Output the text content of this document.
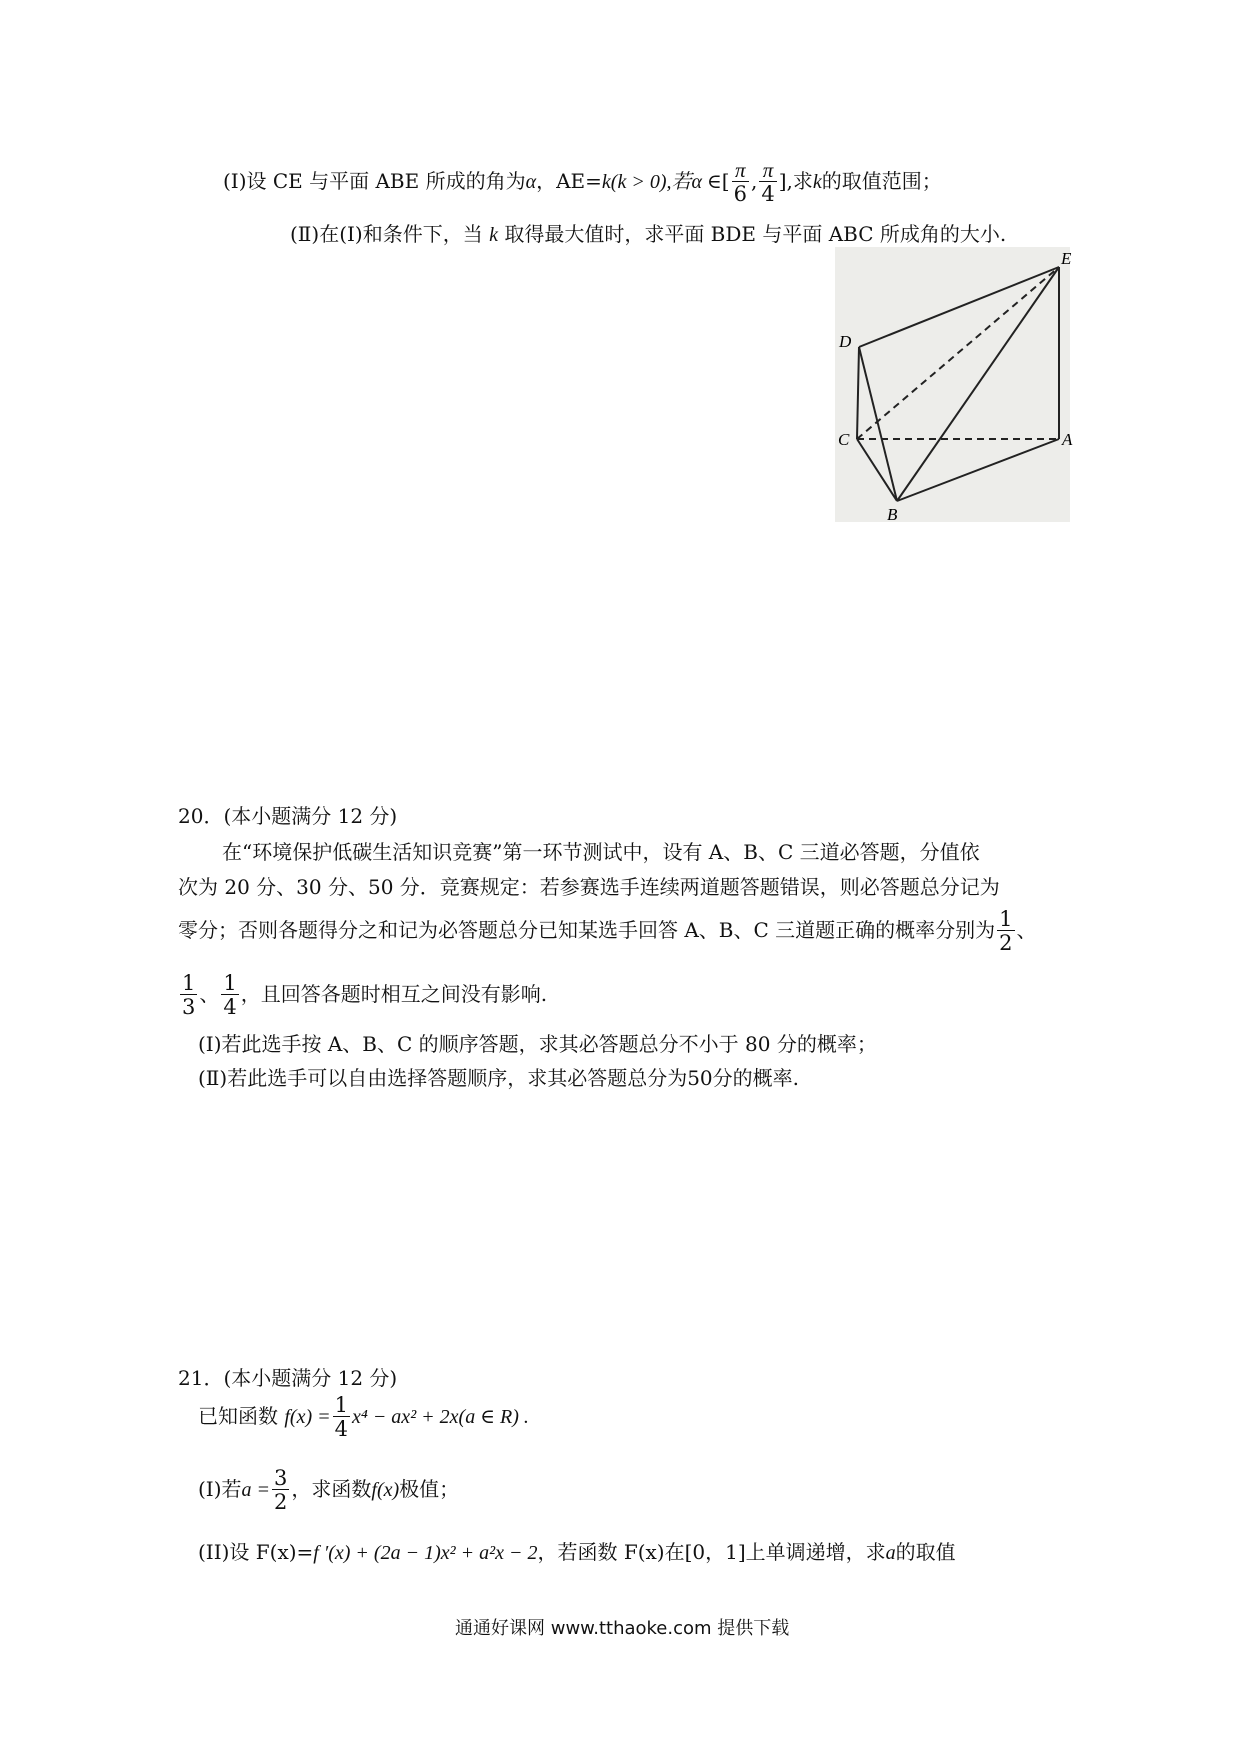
(Ⅰ)设 CE 与平面 ABE 所成的角为α，AE=k(k > 0),若α ∈[ $\frac{\pi}{6}$ , $\frac{\pi}{4}$ ],求k的取值范围；
(Ⅱ)在(Ⅰ)和条件下，当 k 取得最大值时，求平面 BDE 与平面 ABC 所成角的大小.
E
D
C	A
B
20．(本小题满分 12 分)
在“环境保护低碳生活知识竞赛”第一环节测试中，设有 A、B、C 三道必答题，分值依
次为 20 分、30 分、50 分．竞赛规定：若参赛选手连续两道题答题错误，则必答题总分记为
零分；否则各题得分之和记为必答题总分已知某选手回答 A、B、C 三道题正确的概率分别为 $\frac{1}{2}$ 、
$\frac{1}{3}$ 、 $\frac{1}{4}$ ，且回答各题时相互之间没有影响.
(Ⅰ)若此选手按 A、B、C 的顺序答题，求其必答题总分不小于 80 分的概率；
(Ⅱ)若此选手可以自由选择答题顺序，求其必答题总分为50分的概率.
21．(本小题满分 12 分)
已知函数 $f(x) = \frac{1}{4} x^4 - ax^2 + 2x(a$ ∈ R) .
(Ⅰ)若$a = \frac{3}{2}$ ，求函数f(x)极值；
(II)设 F(x)=f ′(x) + (2a − 1)x² + a²x − 2，若函数 F(x)在[0，1]上单调递增，求a的取值
通通好课网 www.tthaoke.com 提供下载
